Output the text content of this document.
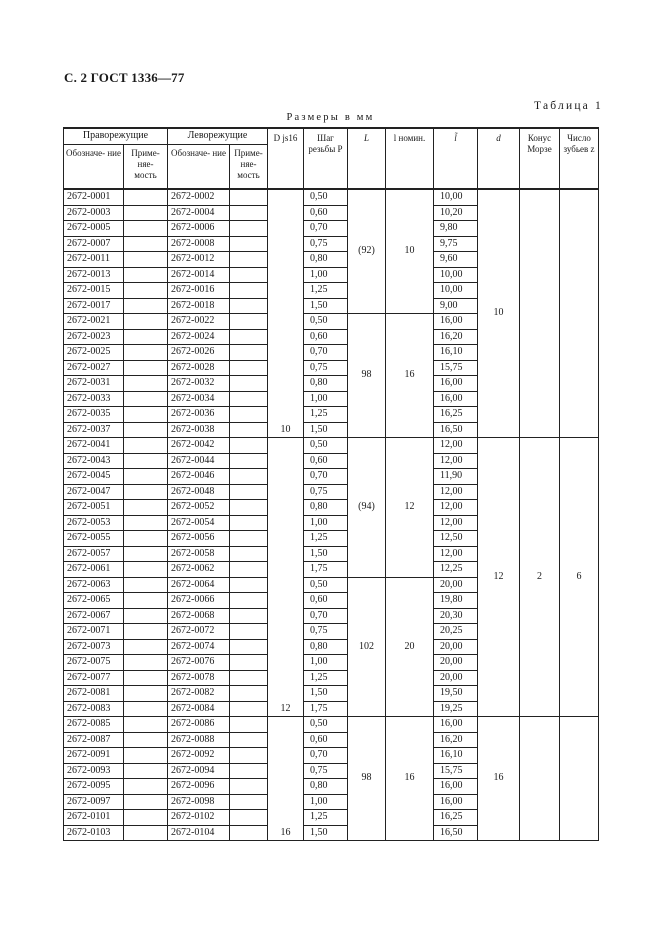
С. 2 ГОСТ 1336—77
Таблица 1
Размеры в мм
Праворежущие		Леворежущие		D js16	Шаг резьбы P	L	l номин.	l̃	d	Конус Морзе	Число зубьев z
Обозначе- ние	Приме- няе- мость	Обозначе- ние	Приме- няе- мость								
2672-0001		2672-0002		10	0,50	(92)	10	10,00	10		
2672-0003		2672-0004			0,60			10,20			
2672-0005		2672-0006			0,70			9,80			
2672-0007		2672-0008			0,75			9,75			
2672-0011		2672-0012			0,80			9,60			
2672-0013		2672-0014			1,00			10,00			
2672-0015		2672-0016			1,25			10,00			
2672-0017		2672-0018			1,50			9,00			
2672-0021		2672-0022			0,50	98	16	16,00			
2672-0023		2672-0024			0,60			16,20			
2672-0025		2672-0026			0,70			16,10			
2672-0027		2672-0028			0,75			15,75			
2672-0031		2672-0032			0,80			16,00			
2672-0033		2672-0034			1,00			16,00			
2672-0035		2672-0036			1,25			16,25			
2672-0037		2672-0038			1,50			16,50			
2672-0041		2672-0042		12	0,50	(94)	12	12,00	12	2	6
2672-0043		2672-0044			0,60			12,00			
2672-0045		2672-0046			0,70			11,90			
2672-0047		2672-0048			0,75			12,00			
2672-0051		2672-0052			0,80			12,00			
2672-0053		2672-0054			1,00			12,00			
2672-0055		2672-0056			1,25			12,50			
2672-0057		2672-0058			1,50			12,00			
2672-0061		2672-0062			1,75			12,25			
2672-0063		2672-0064			0,50	102	20	20,00			
2672-0065		2672-0066			0,60			19,80			
2672-0067		2672-0068			0,70			20,30			
2672-0071		2672-0072			0,75			20,25			
2672-0073		2672-0074			0,80			20,00			
2672-0075		2672-0076			1,00			20,00			
2672-0077		2672-0078			1,25			20,00			
2672-0081		2672-0082			1,50			19,50			
2672-0083		2672-0084			1,75			19,25			
2672-0085		2672-0086		16	0,50	98	16	16,00	16		
2672-0087		2672-0088			0,60			16,20			
2672-0091		2672-0092			0,70			16,10			
2672-0093		2672-0094			0,75			15,75			
2672-0095		2672-0096			0,80			16,00			
2672-0097		2672-0098			1,00			16,00			
2672-0101		2672-0102			1,25			16,25			
2672-0103		2672-0104			1,50			16,50			
